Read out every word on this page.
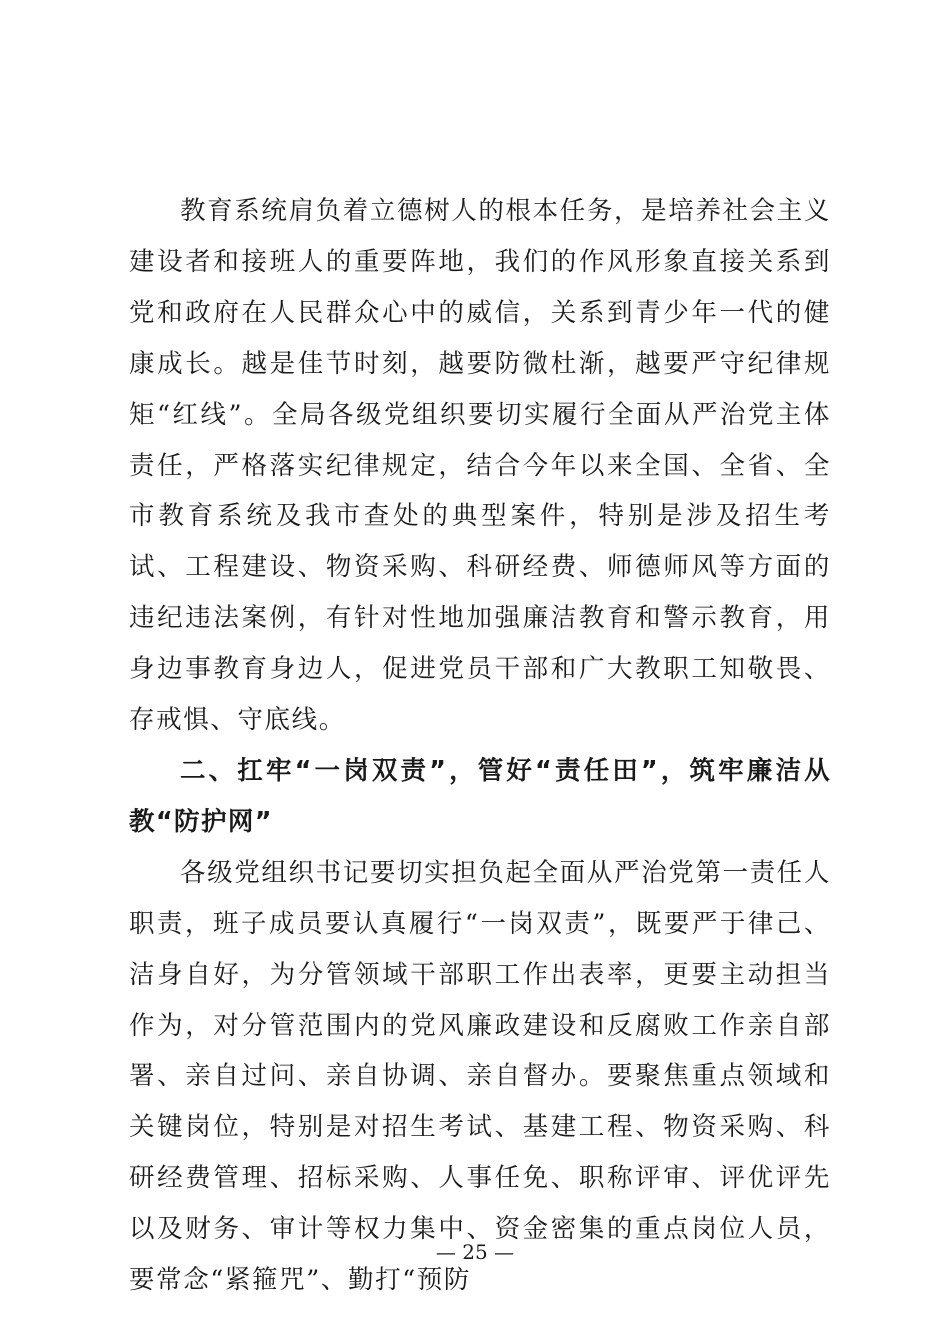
教育系统肩负着立德树人的根本任务，是培养社会主义建设者和接班人的重要阵地，我们的作风形象直接关系到党和政府在人民群众心中的威信，关系到青少年一代的健康成长。越是佳节时刻，越要防微杜渐，越要严守纪律规矩“红线”。全局各级党组织要切实履行全面从严治党主体责任，严格落实纪律规定，结合今年以来全国、全省、全市教育系统及我市查处的典型案件，特别是涉及招生考试、工程建设、物资采购、科研经费、师德师风等方面的违纪违法案例，有针对性地加强廉洁教育和警示教育，用身边事教育身边人，促进党员干部和广大教职工知敬畏、存戒惧、守底线。

二、扛牢“一岗双责”，管好“责任田”，筑牢廉洁从教“防护网”

各级党组织书记要切实担负起全面从严治党第一责任人职责，班子成员要认真履行“一岗双责”，既要严于律己、洁身自好，为分管领域干部职工作出表率，更要主动担当作为，对分管范围内的党风廉政建设和反腐败工作亲自部署、亲自过问、亲自协调、亲自督办。要聚焦重点领域和关键岗位，特别是对招生考试、基建工程、物资采购、科研经费管理、招标采购、人事任免、职称评审、评优评先以及财务、审计等权力集中、资金密集的重点岗位人员，要常念“紧箍咒”、勤打“预防

— 25 —
